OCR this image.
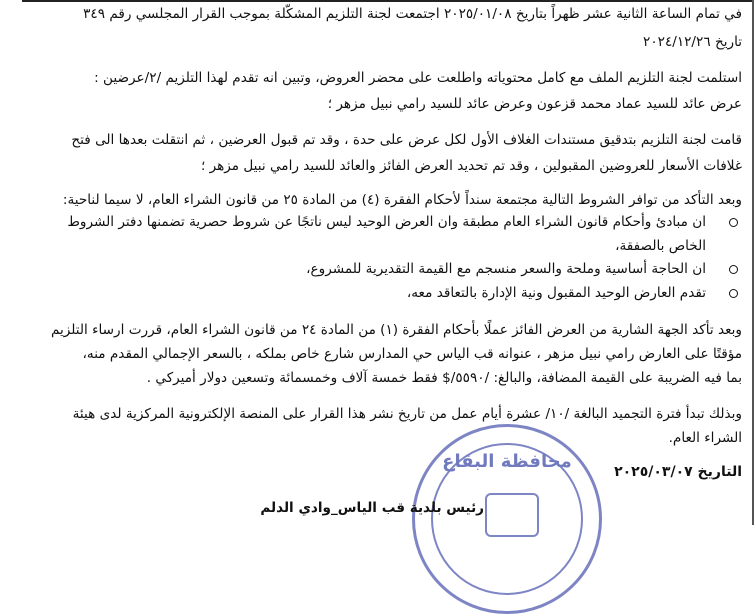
محافظة البقاع
في تمام الساعة الثانية عشر ظهراً بتاريخ ٢٠٢٥/٠١/٠٨ اجتمعت لجنة التلزيم المشكّلة بموجب القرار المجلسي رقم ٣٤٩
تاريخ ٢٠٢٤/١٢/٢٦
استلمت لجنة التلزيم الملف مع كامل محتوياته واطلعت على محضر العروض، وتبين انه تقدم لهذا التلزيم /٢/عرضين :
عرض عائد للسيد عماد محمد قزعون وعرض عائد للسيد رامي نبيل مزهر ؛
قامت لجنة التلزيم بتدقيق مستندات الغلاف الأول لكل عرض على حدة ، وقد تم قبول العرضين ، ثم انتقلت بعدها الى فتح
غلافات الأسعار للعروضين المقبولين ، وقد تم تحديد العرض الفائز والعائد للسيد رامي نبيل مزهر ؛
وبعد التأكد من توافر الشروط التالية مجتمعة سنداً لأحكام الفقرة (٤) من المادة ٢٥ من قانون الشراء العام، لا سيما لناحية:
ان مبادئ وأحكام قانون الشراء العام مطبقة وان العرض الوحيد ليس ناتجًا عن شروط حصرية تضمنها دفتر الشروط
الخاص بالصفقة،
ان الحاجة أساسية وملحة والسعر منسجم مع القيمة التقديرية للمشروع،
تقدم العارض الوحيد المقبول ونية الإدارة بالتعاقد معه،
وبعد تأكد الجهة الشارية من العرض الفائز عملًا بأحكام الفقرة (١) من المادة ٢٤ من قانون الشراء العام، قررت ارساء التلزيم
مؤقتًا على العارض رامي نبيل مزهر ، عنوانه قب الياس حي المدارس شارع خاص بملكه ، بالسعر الإجمالي المقدم منه،
بما فيه الضريبة على القيمة المضافة، والبالغ: /٥٥٩٠/$ فقط خمسة آلاف وخمسمائة وتسعين دولار أميركي .
وبذلك تبدأ فترة التجميد البالغة /١٠/ عشرة أيام عمل من تاريخ نشر هذا القرار على المنصة الإلكترونية المركزية لدى هيئة
الشراء العام.
التاريخ ٢٠٢٥/٠٣/٠٧
رئيس بلدية قب الياس_وادي الدلم
